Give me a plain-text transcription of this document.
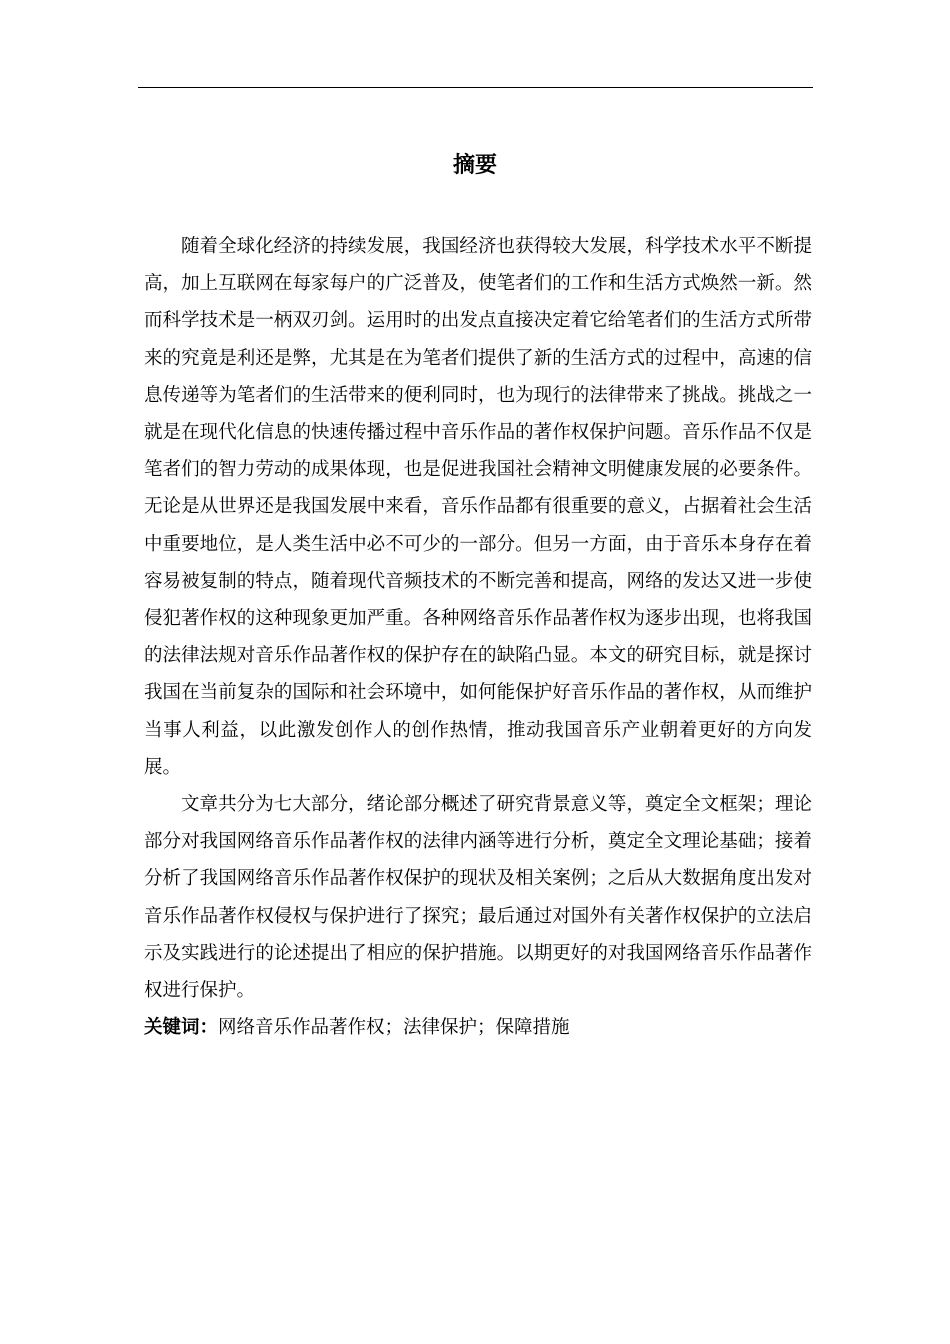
摘要

随着全球化经济的持续发展，我国经济也获得较大发展，科学技术水平不断提高，加上互联网在每家每户的广泛普及，使笔者们的工作和生活方式焕然一新。然而科学技术是一柄双刃剑。运用时的出发点直接决定着它给笔者们的生活方式所带来的究竟是利还是弊，尤其是在为笔者们提供了新的生活方式的过程中，高速的信息传递等为笔者们的生活带来的便利同时，也为现行的法律带来了挑战。挑战之一就是在现代化信息的快速传播过程中音乐作品的著作权保护问题。音乐作品不仅是笔者们的智力劳动的成果体现，也是促进我国社会精神文明健康发展的必要条件。无论是从世界还是我国发展中来看，音乐作品都有很重要的意义，占据着社会生活中重要地位，是人类生活中必不可少的一部分。但另一方面，由于音乐本身存在着容易被复制的特点，随着现代音频技术的不断完善和提高，网络的发达又进一步使侵犯著作权的这种现象更加严重。各种网络音乐作品著作权为逐步出现，也将我国的法律法规对音乐作品著作权的保护存在的缺陷凸显。本文的研究目标，就是探讨我国在当前复杂的国际和社会环境中，如何能保护好音乐作品的著作权，从而维护当事人利益，以此激发创作人的创作热情，推动我国音乐产业朝着更好的方向发展。

文章共分为七大部分，绪论部分概述了研究背景意义等，奠定全文框架；理论部分对我国网络音乐作品著作权的法律内涵等进行分析，奠定全文理论基础；接着分析了我国网络音乐作品著作权保护的现状及相关案例；之后从大数据角度出发对音乐作品著作权侵权与保护进行了探究；最后通过对国外有关著作权保护的立法启示及实践进行的论述提出了相应的保护措施。以期更好的对我国网络音乐作品著作权进行保护。

关键词：网络音乐作品著作权；法律保护；保障措施
